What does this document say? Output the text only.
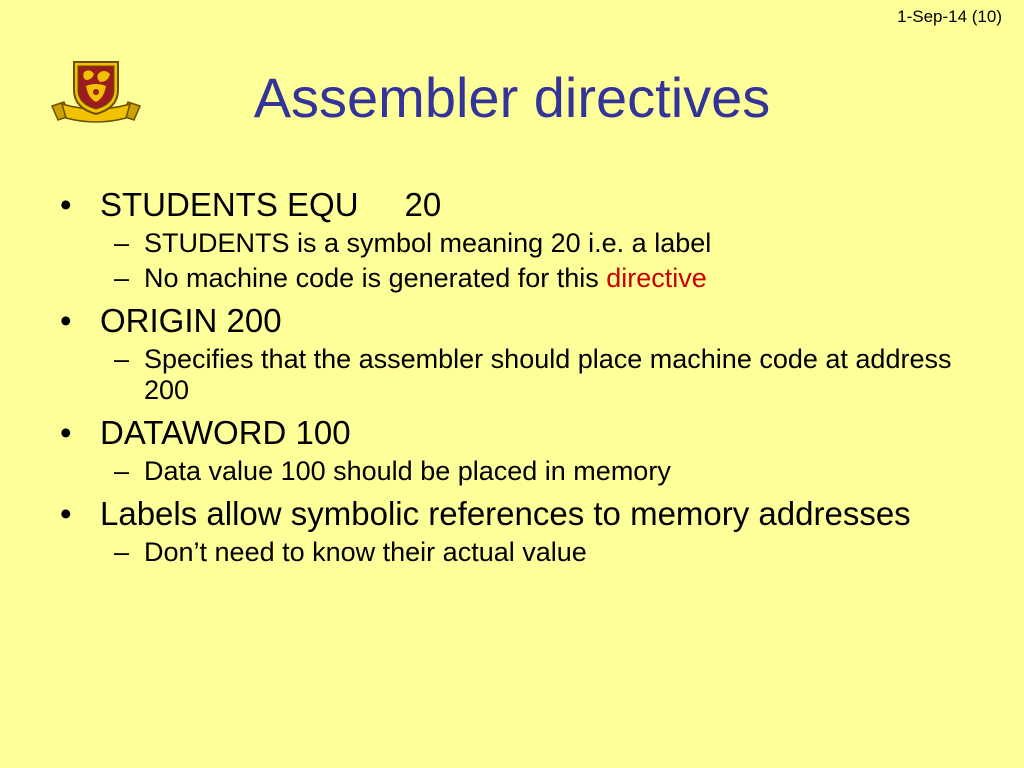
1-Sep-14 (10)
Assembler directives
• STUDENTS EQU 20
– STUDENTS is a symbol meaning 20 i.e. a label
– No machine code is generated for this directive
• ORIGIN 200
– Specifies that the assembler should place machine code at address 200
• DATAWORD 100
– Data value 100 should be placed in memory
• Labels allow symbolic references to memory addresses
– Don’t need to know their actual value
